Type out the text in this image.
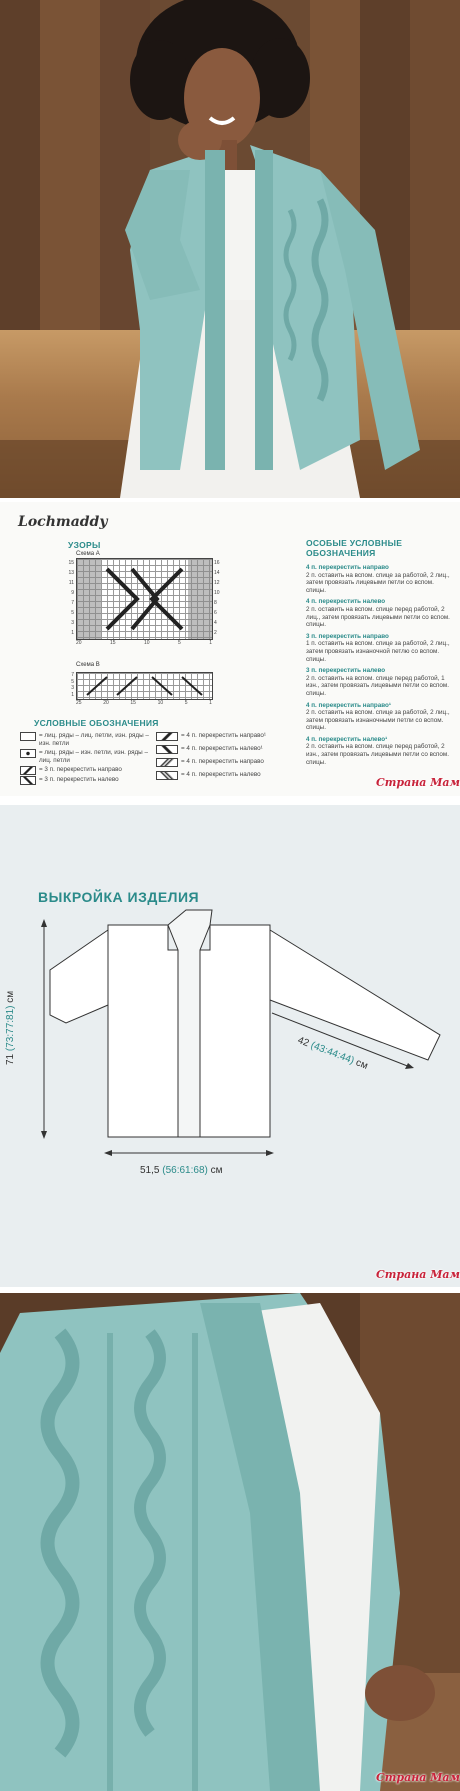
Lochmaddy
УЗОРЫ
Схема А
15
13
11
9
7
5
3
1
16
14
12
10
8
6
4
2
20	15	10	5	1
Схема В
7
5
3
1
25	20	15	10	5	1
УСЛОВНЫЕ ОБОЗНАЧЕНИЯ
= лиц. ряды – лиц. петли, изн. ряды – изн. петли
= лиц. ряды – изн. петли, изн. ряды – лиц. петли
= 3 п. перекрестить направо
= 3 п. перекрестить налево
= 4 п. перекрестить направо¹
= 4 п. перекрестить налево¹
= 4 п. перекрестить направо
= 4 п. перекрестить налево
ОСОБЫЕ УСЛОВНЫЕ
ОБОЗНАЧЕНИЯ
4 п. перекрестить направо
2 п. оставить на вспом. спице за работой, 2 лиц., затем провязать лицевыми петли со вспом. спицы.
4 п. перекрестить налево
2 п. оставить на вспом. спице перед работой, 2 лиц., затем провязать лицевыми петли со вспом. спицы.
3 п. перекрестить направо
1 п. оставить на вспом. спице за работой, 2 лиц., затем провязать изнаночной петлю со вспом. спицы.
3 п. перекрестить налево
2 п. оставить на вспом. спице перед работой, 1 изн., затем провязать лицевыми петли со вспом. спицы.
4 п. перекрестить направо¹
2 п. оставить на вспом. спице за работой, 2 лиц., затем провязать изнаночными петли со вспом. спицы.
4 п. перекрестить налево¹
2 п. оставить на вспом. спице перед работой, 2 изн., затем провязать лицевыми петли со вспом. спицы.
Страна Мам
ВЫКРОЙКА ИЗДЕЛИЯ
71 (73:77:81) см
42 (43:44:44) см
51,5 (56:61:68) см
Страна Мам
Страна Мам
